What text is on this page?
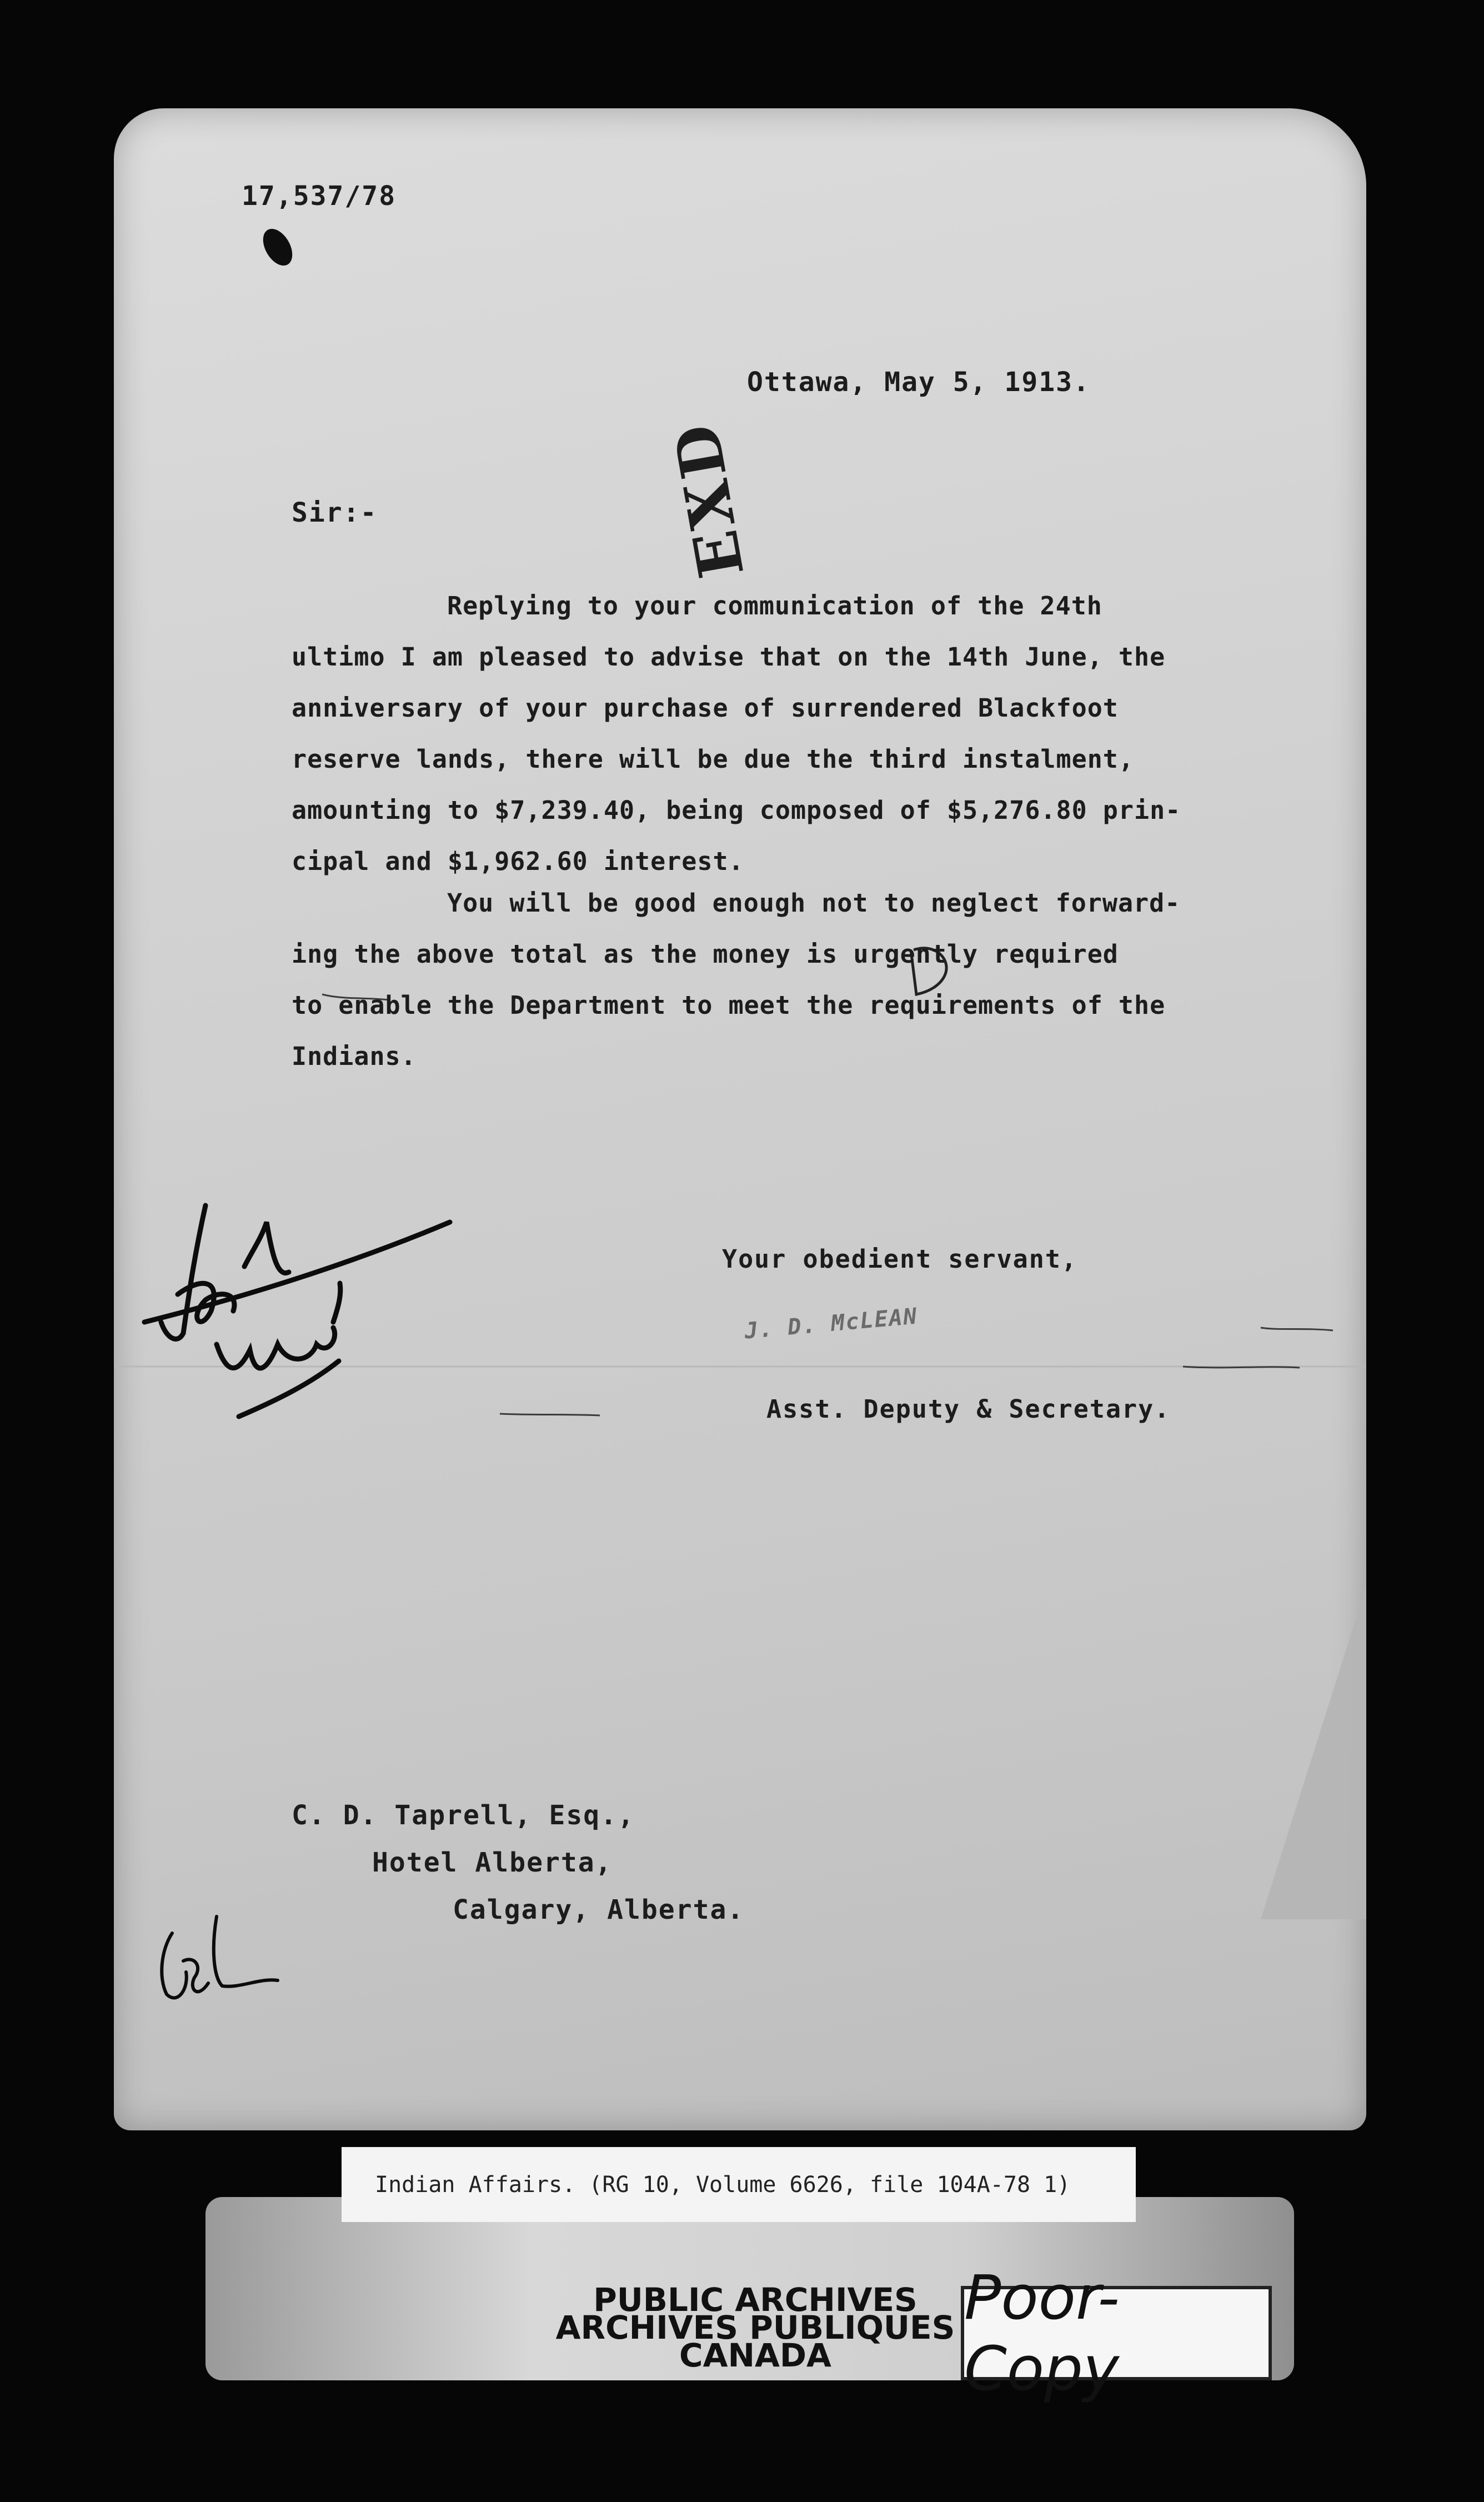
17,537/78
Ottawa, May 5, 1913.
EXD
Sir:-
Replying to your communication of the 24th
ultimo I am pleased to advise that on the 14th June, the
anniversary of your purchase of surrendered Blackfoot
reserve lands, there will be due the third instalment,
amounting to $7,239.40, being composed of $5,276.80 prin-
cipal and $1,962.60 interest.
You will be good enough not to neglect forward-
ing the above total as the money is urgently required
to enable the Department to meet the requirements of the
Indians.
Your obedient servant,
J. D. McLEAN
Asst. Deputy & Secretary.
C. D. Taprell, Esq.,
Hotel Alberta,
Calgary, Alberta.
Indian Affairs. (RG 10, Volume 6626, file 104A-78 1)
PUBLIC ARCHIVES
ARCHIVES PUBLIQUES
CANADA
Poor-Copy
